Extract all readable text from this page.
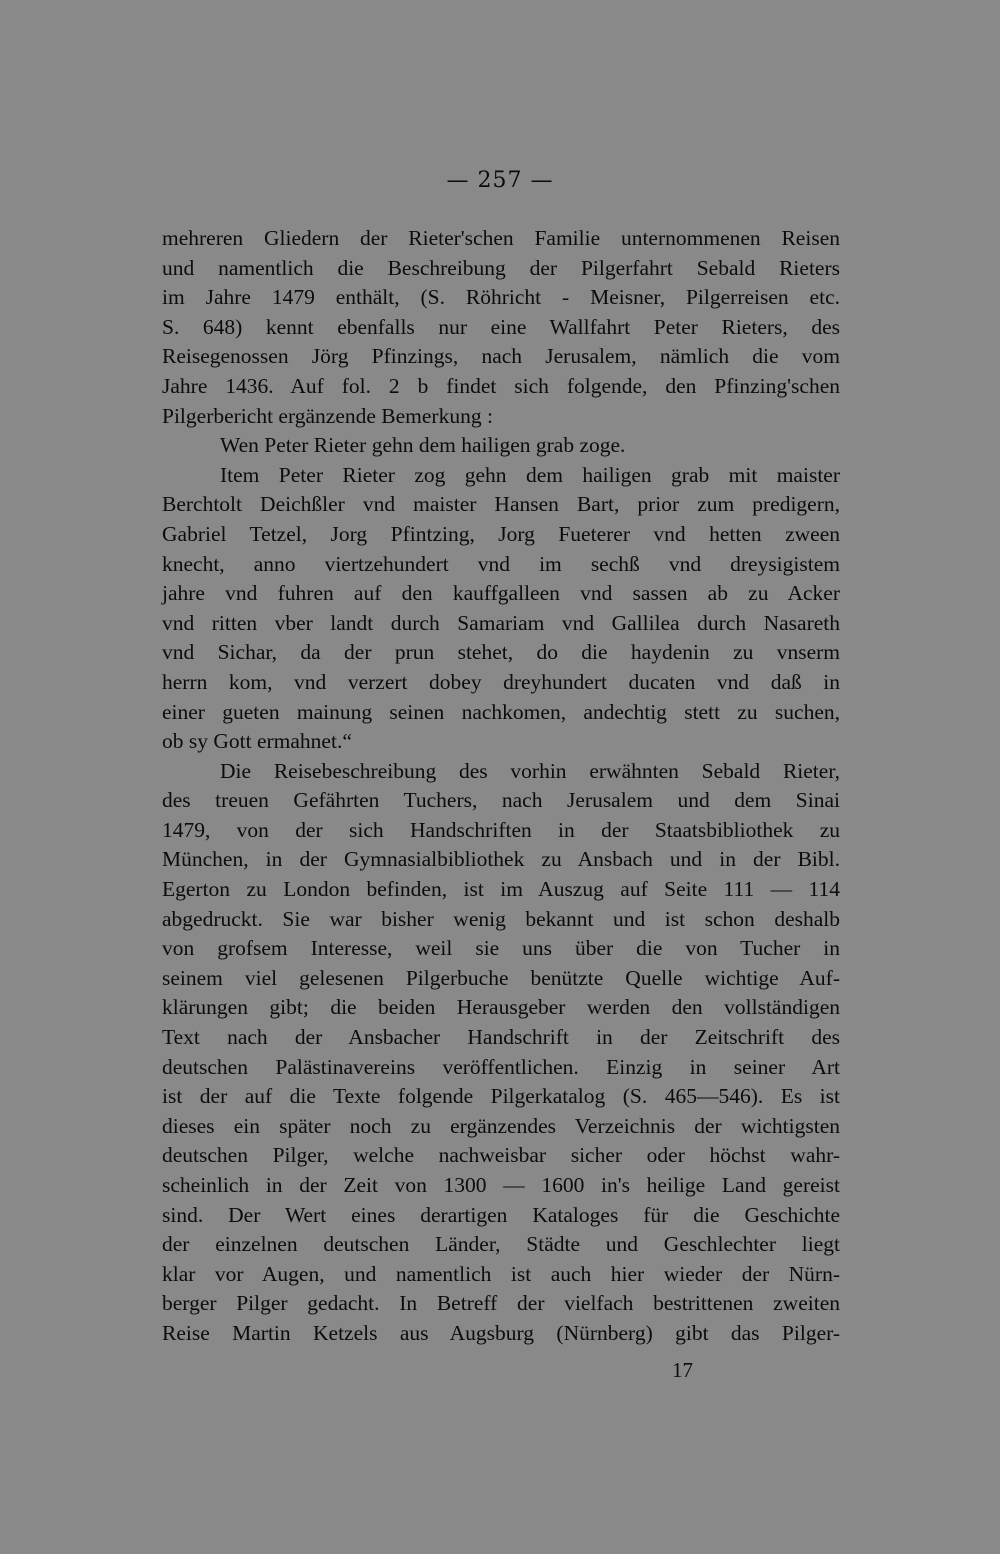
— 257 —
mehreren Gliedern der Rieter'schen Familie unternommenen Reisen
und namentlich die Beschreibung der Pilgerfahrt Sebald Rieters
im Jahre 1479 enthält, (S. Röhricht - Meisner, Pilgerreisen etc.
S. 648) kennt ebenfalls nur eine Wallfahrt Peter Rieters, des
Reisegenossen Jörg Pfinzings, nach Jerusalem, nämlich die vom
Jahre 1436. Auf fol. 2 b findet sich folgende, den Pfinzing'schen
Pilgerbericht ergänzende Bemerkung :
Wen Peter Rieter gehn dem hailigen grab zoge.
Item Peter Rieter zog gehn dem hailigen grab mit maister
Berchtolt Deichßler vnd maister Hansen Bart, prior zum predigern,
Gabriel Tetzel, Jorg Pfintzing, Jorg Fueterer vnd hetten zween
knecht, anno viertzehundert vnd im sechß vnd dreysigistem
jahre vnd fuhren auf den kauffgalleen vnd sassen ab zu Acker
vnd ritten vber landt durch Samariam vnd Gallilea durch Nasareth
vnd Sichar, da der prun stehet, do die haydenin zu vnserm
herrn kom, vnd verzert dobey dreyhundert ducaten vnd daß in
einer gueten mainung seinen nachkomen, andechtig stett zu suchen,
ob sy Gott ermahnet.“
Die Reisebeschreibung des vorhin erwähnten Sebald Rieter,
des treuen Gefährten Tuchers, nach Jerusalem und dem Sinai
1479, von der sich Handschriften in der Staatsbibliothek zu
München, in der Gymnasialbibliothek zu Ansbach und in der Bibl.
Egerton zu London befinden, ist im Auszug auf Seite 111 — 114
abgedruckt. Sie war bisher wenig bekannt und ist schon deshalb
von grofsem Interesse, weil sie uns über die von Tucher in
seinem viel gelesenen Pilgerbuche benützte Quelle wichtige Auf-
klärungen gibt; die beiden Herausgeber werden den vollständigen
Text nach der Ansbacher Handschrift in der Zeitschrift des
deutschen Palästinavereins veröffentlichen. Einzig in seiner Art
ist der auf die Texte folgende Pilgerkatalog (S. 465—546). Es ist
dieses ein später noch zu ergänzendes Verzeichnis der wichtigsten
deutschen Pilger, welche nachweisbar sicher oder höchst wahr-
scheinlich in der Zeit von 1300 — 1600 in's heilige Land gereist
sind. Der Wert eines derartigen Kataloges für die Geschichte
der einzelnen deutschen Länder, Städte und Geschlechter liegt
klar vor Augen, und namentlich ist auch hier wieder der Nürn-
berger Pilger gedacht. In Betreff der vielfach bestrittenen zweiten
Reise Martin Ketzels aus Augsburg (Nürnberg) gibt das Pilger-
17
